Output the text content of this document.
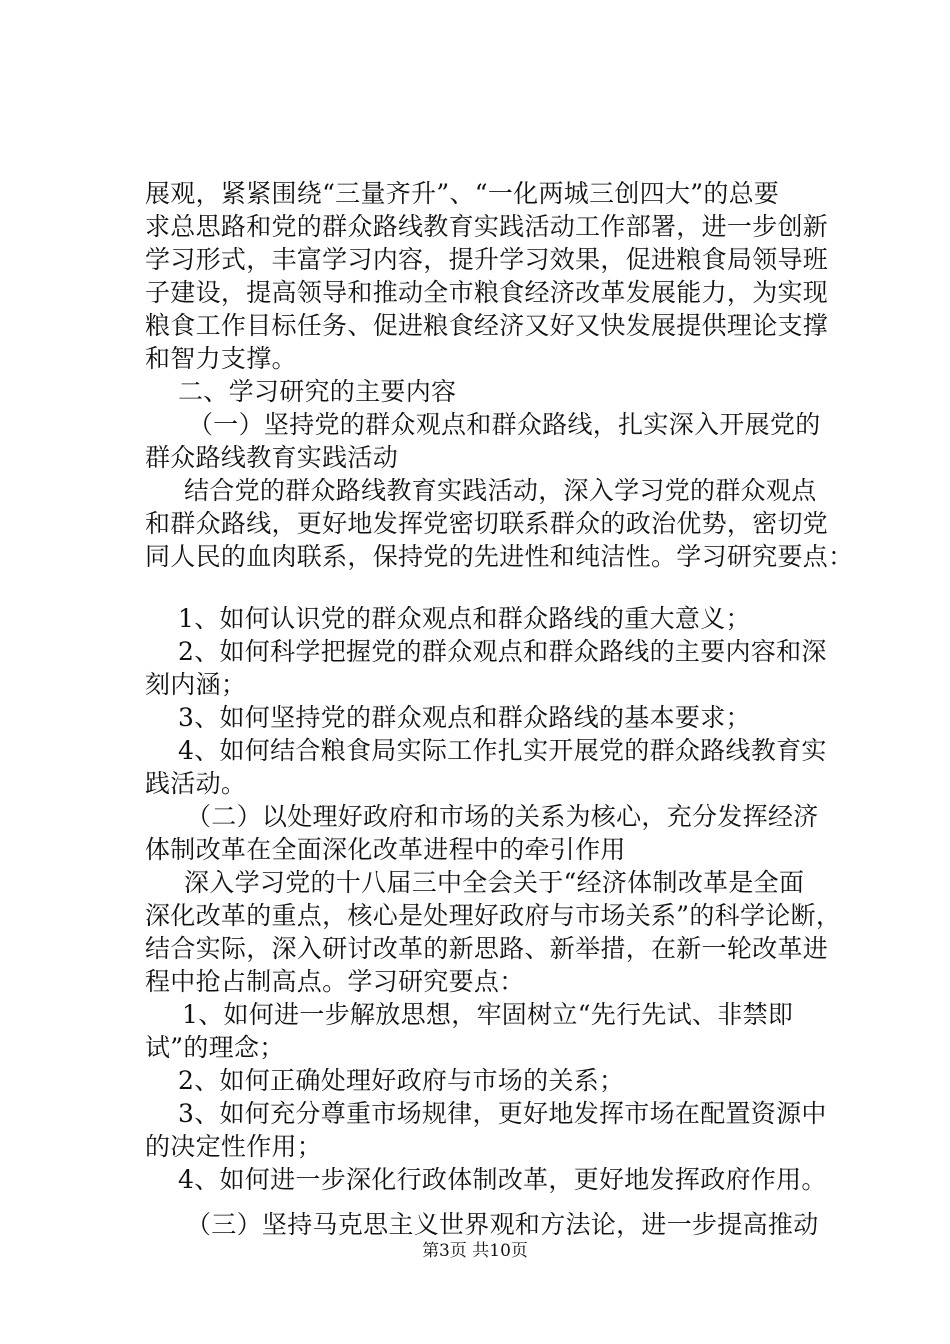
展观，紧紧围绕“三量齐升”、“一化两城三创四大”的总要
求总思路和党的群众路线教育实践活动工作部署，进一步创新
学习形式，丰富学习内容，提升学习效果，促进粮食局领导班
子建设，提高领导和推动全市粮食经济改革发展能力，为实现
粮食工作目标任务、促进粮食经济又好又快发展提供理论支撑
和智力支撑。
二、学习研究的主要内容
（一）坚持党的群众观点和群众路线，扎实深入开展党的
群众路线教育实践活动
结合党的群众路线教育实践活动，深入学习党的群众观点
和群众路线，更好地发挥党密切联系群众的政治优势，密切党
同人民的血肉联系，保持党的先进性和纯洁性。学习研究要点：
1、如何认识党的群众观点和群众路线的重大意义；
2、如何科学把握党的群众观点和群众路线的主要内容和深
刻内涵；
3、如何坚持党的群众观点和群众路线的基本要求；
4、如何结合粮食局实际工作扎实开展党的群众路线教育实
践活动。
（二）以处理好政府和市场的关系为核心，充分发挥经济
体制改革在全面深化改革进程中的牵引作用
深入学习党的十八届三中全会关于“经济体制改革是全面
深化改革的重点，核心是处理好政府与市场关系”的科学论断，
结合实际，深入研讨改革的新思路、新举措，在新一轮改革进
程中抢占制高点。学习研究要点：
1、如何进一步解放思想，牢固树立“先行先试、非禁即
试”的理念；
2、如何正确处理好政府与市场的关系；
3、如何充分尊重市场规律，更好地发挥市场在配置资源中
的决定性作用；
4、如何进一步深化行政体制改革，更好地发挥政府作用。
（三）坚持马克思主义世界观和方法论，进一步提高推动
第3页 共10页
